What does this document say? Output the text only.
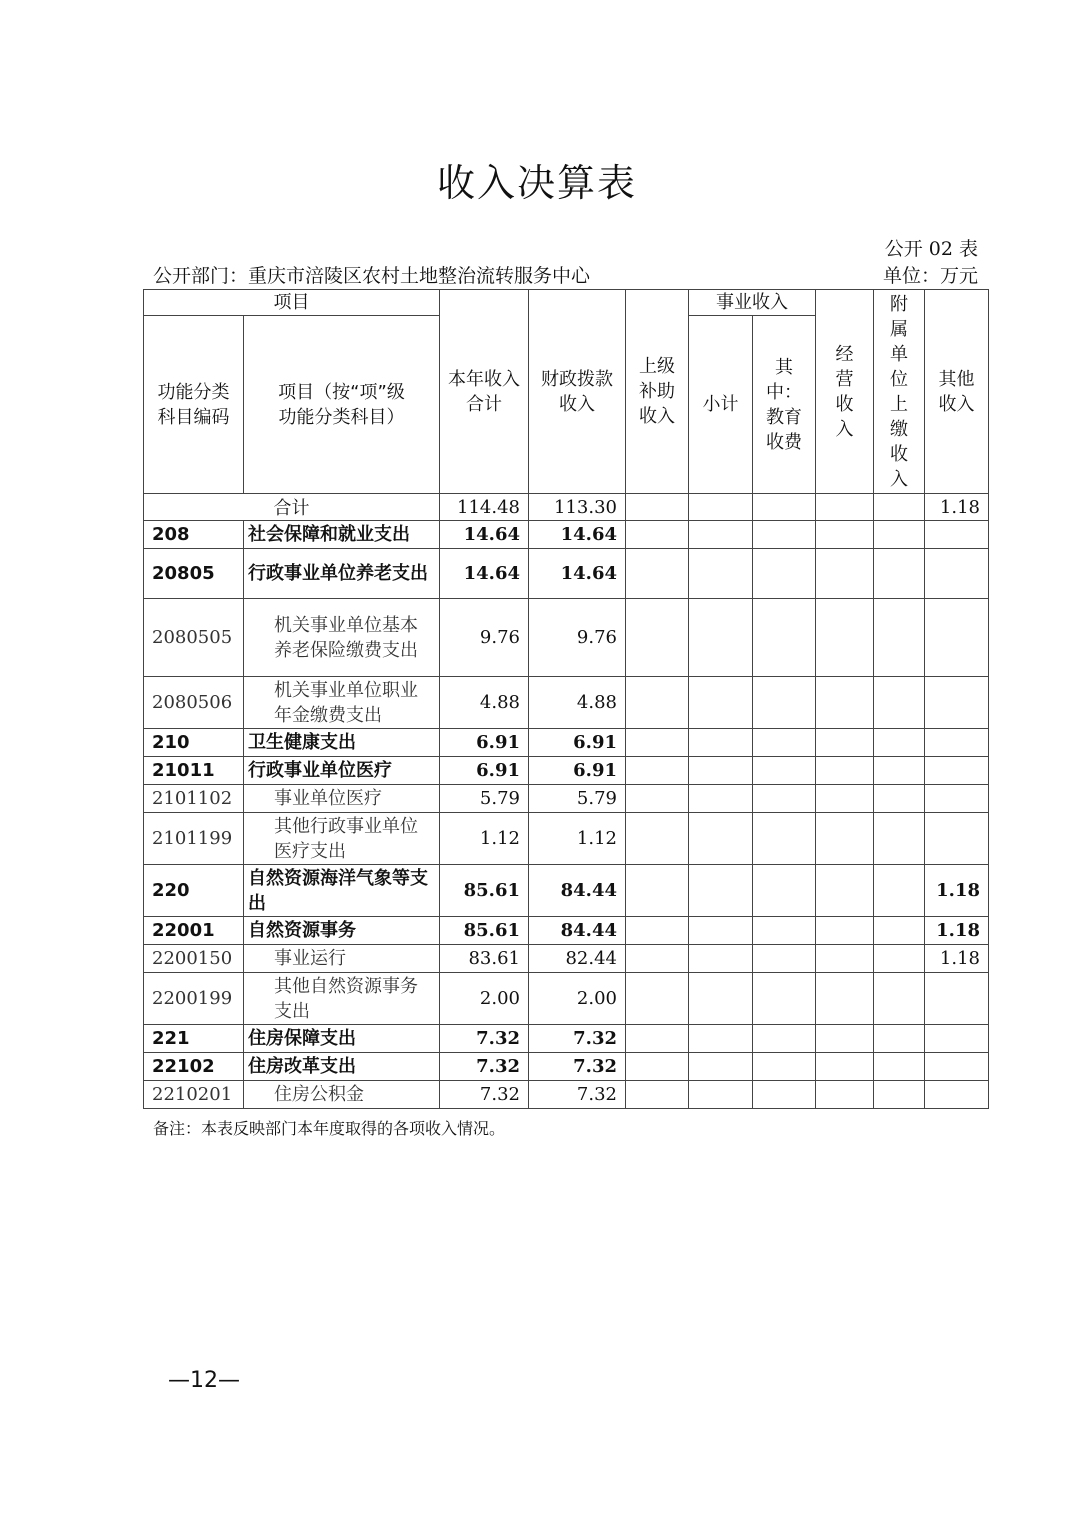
收入决算表
公开 02 表
公开部门：重庆市涪陵区农村土地整治流转服务中心	单位：万元
项目		本年收入合计	财政拨款收入	上级补助收入	事业收入		经营收入	附属单位上缴收入	其他收入

功能分类科目编码	项目（按“项”级功能分类科目）				小计	其中：教育收费			

合计		114.48	113.30						1.18
208	社会保障和就业支出	14.64	14.64						
20805	行政事业单位养老支出	14.64	14.64						
2080505	机关事业单位基本养老保险缴费支出	9.76	9.76						
2080506	机关事业单位职业年金缴费支出	4.88	4.88						
210	卫生健康支出	6.91	6.91						
21011	行政事业单位医疗	6.91	6.91						
2101102	事业单位医疗	5.79	5.79						
2101199	其他行政事业单位医疗支出	1.12	1.12						
220	自然资源海洋气象等支出	85.61	84.44						1.18
22001	自然资源事务	85.61	84.44						1.18
2200150	事业运行	83.61	82.44						1.18
2200199	其他自然资源事务支出	2.00	2.00						
221	住房保障支出	7.32	7.32						
22102	住房改革支出	7.32	7.32						
2210201	住房公积金	7.32	7.32						
备注：本表反映部门本年度取得的各项收入情况。
—12—
